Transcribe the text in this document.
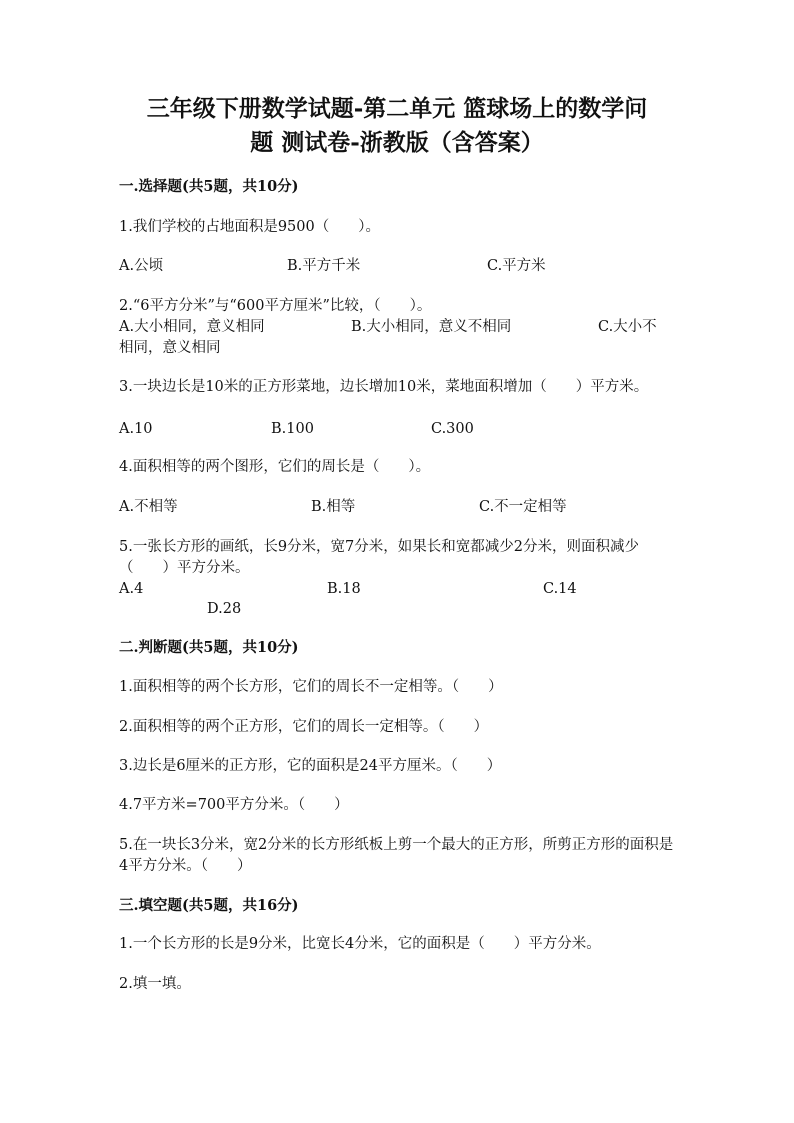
三年级下册数学试题-第二单元 篮球场上的数学问
题 测试卷-浙教版（含答案）
一.选择题(共5题，共10分)
1.我们学校的占地面积是9500（　　）。
A.公顷	B.平方千米	C.平方米
2.“6平方分米”与“600平方厘米”比较，（　　）。
A.大小相同，意义相同	B.大小相同，意义不相同	C.大小不
相同，意义相同
3.一块边长是10米的正方形菜地，边长增加10米，菜地面积增加（　　）平方米。
A.10	B.100	C.300
4.面积相等的两个图形，它们的周长是（　　）。
A.不相等	B.相等	C.不一定相等
5.一张长方形的画纸，长9分米，宽7分米，如果长和宽都减少2分米，则面积减少（　　）平方分米。
A.4	B.18	C.14
D.28
二.判断题(共5题，共10分)
1.面积相等的两个长方形，它们的周长不一定相等。（　　）
2.面积相等的两个正方形，它们的周长一定相等。（　　）
3.边长是6厘米的正方形，它的面积是24平方厘米。（　　）
4.7平方米=700平方分米。（　　）
5.在一块长3分米，宽2分米的长方形纸板上剪一个最大的正方形，所剪正方形的面积是4平方分米。（　　）
三.填空题(共5题，共16分)
1.一个长方形的长是9分米，比宽长4分米，它的面积是（　　）平方分米。
2.填一填。
